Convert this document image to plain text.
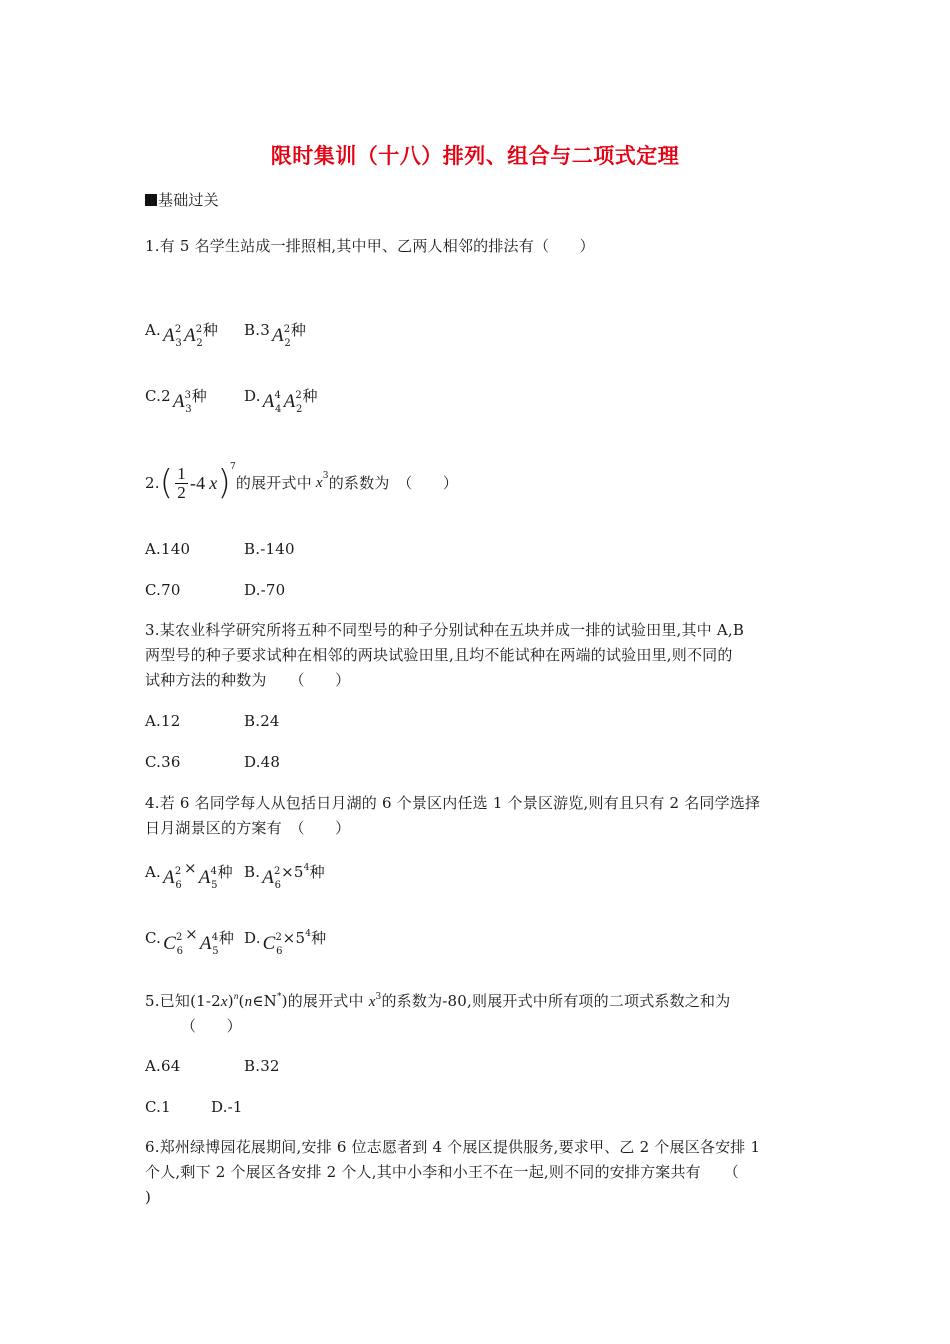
限时集训（十八）排列、组合与二项式定理
基础过关
1.有 5 名学生站成一排照相,其中甲、乙两人相邻的排法有（　　）
A. $A^2_3$ $A^2_2$种 B.3 $A^2_2$种
C.2 $A^3_3$种 D. $A^4_4$ $A^2_2$种
2. ( $\frac{1}{2} -4$ x ) 7
的展开式中 x 3 的系数为　（　　）
A.140	B.-140
C.70	D.-70
3.某农业科学研究所将五种不同型号的种子分别试种在五块并成一排的试验田里,其中 A,B
两型号的种子要求试种在相邻的两块试验田里,且均不能试种在两端的试验田里,则不同的
试种方法的种数为　　（　　）
A.12	B.24
C.36	D.48
4.若 6 名同学每人从包括日月湖的 6 个景区内任选 1 个景区游览,则有且只有 2 名同学选择
日月湖景区的方案有　（　　）
A. $A^2_6\times A^4_5$种 B. $A^2_6\times 5^4$种
C. $C^2_6\times A^4_5$种 D. $C^2_6\times 5^4$种
5.已知$(1-2x)^n(n\in N^*)$的展开式中 $x^3$的系数为-80,则展开式中所有项的二项式系数之和为
（　　）
A.64	B.32
C.1	D.-1
6.郑州绿博园花展期间,安排 6 位志愿者到 4 个展区提供服务,要求甲、乙 2 个展区各安排 1
个人,剩下 2 个展区各安排 2 个人,其中小李和小王不在一起,则不同的安排方案共有　　（
)
